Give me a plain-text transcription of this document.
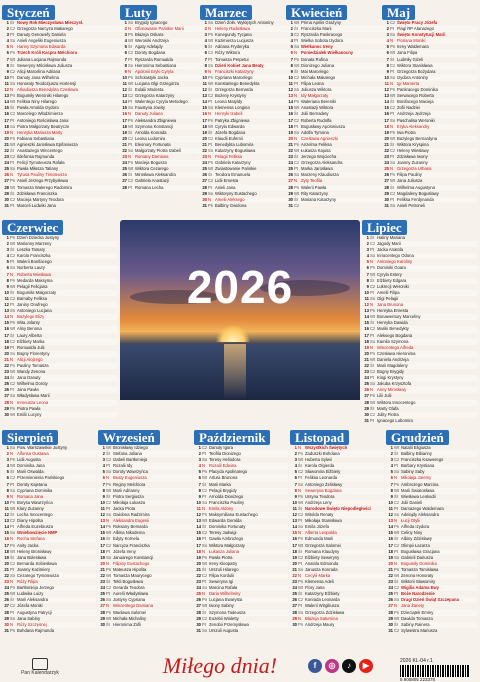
Styczeń
1 Śr Nowy Rok Mieczysława Mieczysł.
2 Cz Grzegorza Narcyza Makarego
3 Pt Danuty Genowefy Daniela
4 So Anieli Angeliki Eugeniusza
5 N Hanny Szymona Edwarda
6 Pn Trzech Króli Kacpra Melchiora
7 Wt Juliana Lucjana Rajmunda
8 Śr Seweryny Mścisława Juliusza
9 Cz Alicji Marcelina Adriana
10 Pt Danuty Jana Wilhelma
11 So Honoraty Teodozjusza Hortensji
12 N Arkadiusza Benedykta Czesława
13 Pn Bogumiły Weroniki Hilarego
14 Wt Feliksa Niny Hilarego
15 Śr Pawła Arnolda Izydora
16 Cz Marcelego Włodzimierza
17 Pt Antoniego Rościsława Jana
18 So Piotra Małgorzaty Beatrycze
19 N Henryka Mariusza Marty
20 Pn Fabiana Sebastiana
21 Wt Agnieszki Jarosława Epifaniusza
22 Śr Anastazego Wincentego
23 Cz Ildefonsa Rajmunda
24 Pt Felicji Tymoteusza Rafała
25 So Pawła Miłosza Tatiany
26 N Tytusa Pauliny Timoteusza
27 Pn Anieli Jerzego Przybysława
28 Wt Tomasza Walerego Radomira
29 Śr Zdzisława Franciszka
30 Cz Macieja Martyny Teodora
31 Pt Marceli Ludwiki Jana
Luty
1 So Brygidy Ignacego
2 N Ofiarowanie Pańskie Marii
3 Pn Błażeja Oskara
4 Wt Weroniki Andrzeja
5 Śr Agaty Adelajdy
6 Cz Doroty Bogdana
7 Pt Ryszarda Romualda
8 So Hieronima Sebastiana
9 N Apolonii Eryki Cyryla
10 Pn Scholastyki Jacka
11 Wt Lucjana Olgi Grzegorza
12 Śr Eulalii Modesta
13 Cz Grzegorza Katarzyny
14 Pt Walentego Cyryla Metodego
15 So Faustyna Jowity
16 N Danuty Juliana
17 Pn Aleksandra Zbigniewa
18 Wt Szymona Konstancji
19 Śr Arnolda Konrada
20 Cz Leona Ludomira
21 Pt Eleonory Fortunata
22 So Małgorzaty Piotra Izabeli
23 N Romany Damiana
24 Pn Macieja Bogusza
25 Wt Wiktora Cezarego
26 Śr Mirosława Aleksandra
27 Cz Gabriela Anastazji
28 Pt Romana Lecha
Marzec
1 So Dzień Żołn. Wyklętych Antoniny
2 N Heleny Radosława
3 Pn Kunegundy Tycjana
4 Wt Kazimierza Lucjusza
5 Śr Adriana Fryderyka
6 Cz Róży Wiktora
7 Pt Tomasza Perpetui
8 So Dzień Kobiet Jana Beaty
9 N Franciszki Katarzyny
10 Pn Cypriana Marcelego
11 Wt Konstantego Benedykta
12 Śr Grzegorza Bernarda
13 Cz Bożeny Krystyny
14 Pt Leona Matyldy
15 So Klemensa Longina
16 N Henryki Izabeli
17 Pn Patryka Zbigniewa
18 Wt Cyryla Edwarda
19 Śr Józefa Bogdana
20 Cz Klaudii Eufemii
21 Pt Benedykta Lubomira
22 So Katarzyny Bogusława
23 N Pelagii Feliksa
24 Pn Gabriela Katarzyny
25 Wt Zwiastowanie Pańskie
26 Śr Teodora Emanuela
27 Cz Lidii Ernesta
28 Pt Anieli Jana
29 So Wiktoryny Eustachego
30 N Amelii Aleksego
31 Pn Balbiny Gwidona
Kwiecień
1 Wt Prima Aprilis Grażyny
2 Śr Franciszka Marii
3 Cz Ryszarda Pankracego
4 Pt Wielka Sobota Izydora
5 So Wielkanoc Ireny
6 N Poniedziałek Wielkanocny
7 Pn Donata Rufina
8 Wt Dionizego Juliana
9 Śr Mai Marcelego
10 Cz Michała Makarego
11 Pt Filipa Leona
12 So Juliusza Wiktora
13 N Idy Małgorzaty
14 Pn Waleriana Bereniki
15 Wt Anastazji Wiktora
16 Śr Julii Bernadety
17 Cz Roberta Rudolfa
18 Pt Bogusławy Apoloniusza
19 So Adolfa Tymona
20 N Czesława Agnieszki
21 Pn Anzelma Feliksa
22 Wt Łukasza Kajusa
23 Śr Jerzego Wojciecha
24 Cz Grzegorza Aleksandra
25 Pt Marka Jarosława
26 So Marzeny Klaudiusza
27 N Zyty Teofila
28 Pn Walerii Pawła
29 Wt Rity Katarzyny
30 Śr Mariana Katarzyny
31 Cz
Maj
1 Cz Święto Pracy Józefa
2 Pt Flagi RP Atanazego
3 So Święto Konstytucji Marii
4 N Floriana Moniki
5 Pn Ireny Waldemara
6 Wt Jana Filipa
7 Śr Ludmiły Gizeli
8 Cz Wiktora Stanisława
9 Pt Grzegorza Bożydara
10 So Izydora Antoniny
11 N Igi Mamerta
12 Pn Pankracego Dominika
13 Wt Serwacego Roberta
14 Śr Bonifacego Macieja
15 Cz Zofii Nadziei
16 Pt Andrzeja Jędrzeja
17 So Paschalisa Weroniki
18 N Eryka Aleksandry
19 Pn Iwa Piotra
20 Wt Bazylego Bernardyna
21 Śr Wiktora Kryspina
22 Cz Heleny Wiesławy
23 Pt Zdzisława Iwony
24 So Joanny Zuzanny
25 N Grzegorza Urbana
26 Pn Filipa Pauliny
27 Wt Jana Juliusza
28 Śr Wilhelma Augustyna
29 Cz Magdaleny Bogusławy
30 Pt Feliksa Ferdynanda
31 So Anieli Petroneli
Czerwiec
1 Pn Dzień Dziecka Justyny
2 Wt Marianny Marzeny
3 Śr Leszka Tamary
4 Cz Karola Franciszka
5 Pt Walerii Bonifacego
6 So Norberta Laury
7 N Roberta Wiesława
8 Pn Medarda Maksyma
9 Wt Pelagii Felicjana
10 Śr Bogumiła Małgorzaty
11 Cz Barnaby Feliksa
12 Pt Janiny Onufrego
13 So Antoniego Lucjana
14 N Bazylego Elizy
15 Pn Wita Jolanty
16 Wt Aliny Benona
17 Śr Laury Alberta
18 Cz Elżbiety Marka
19 Pt Romualda Julii
20 So Bogny Florentyny
21 N Alicji Alojzego
22 Pn Pauliny Tomasza
23 Wt Wandy Zenona
24 Śr Jana Danuty
25 Cz Wilhelma Doroty
26 Pt Jana Pawła
27 So Władysława Marii
28 N Ireneusza Leona
29 Pn Piotra Pawła
30 Wt Emilii Lucyny
2026
Lipiec
1 Śr Haliny Mariana
2 Cz Jagody Marii
3 Pt Jacka Anatola
4 So Innocentego Odona
5 N Antoniego Karoliny
6 Pn Dominiki Goara
7 Wt Cyryla Estery
8 Śr Elżbiety Edgara
9 Cz Lukrecji Weroniki
10 Pt Amelii Filipa
11 So Olgi Pelagii
12 N Jana Brunona
13 Pn Henryka Ernesta
14 Wt Bonawentury Marceliny
15 Śr Henryka Dawida
16 Cz Mariki Benedykty
17 Pt Aleksego Bogdana
18 So Kamila Szymona
19 N Wincentego Alfreda
20 Pn Czesława Hieronima
21 Wt Daniela Andrzeja
22 Śr Marii Magdaleny
23 Cz Bogny Brygidy
24 Pt Kingi Krystyny
25 So Jakuba Krzysztofa
26 N Anny Mirosławy
27 Pn Lilii Julii
28 Wt Wiktora Innocentego
29 Śr Marty Olafa
30 Cz Julity Piotra
31 Pt Ignacego Lubomira
Sierpień
1 So Pow. Warszawskie Justyny
2 N Alfonsa Gustawa
3 Pn Lidii Augusta
4 Wt Dominika Jana
5 Śr Marii Oswalda
6 Cz Przemienienia Pańskiego
7 Pt Doroty Kajetana
8 So Cypriana Dominika
9 N Romana Jana
10 Pn Borysa Wawrzyńca
11 Wt Klary Zuzanny
12 Śr Lecha Innocentego
13 Cz Diany Hipolita
14 Pt Alfreda Euzebiusza
15 So Wniebowzięcie NMP
16 N Rocha Stefana
17 Pn Anity Jacka
18 Wt Heleny Bronisławy
19 Śr Jana Bolesława
20 Cz Bernarda Sobiesława
21 Pt Joanny Kazimiery
22 So Cezarego Tymoteusza
23 N Róży Filipa
24 Pn Bartłomieja Jerzego
25 Wt Ludwika Luizy
26 Śr Marii Aleksandra
27 Cz Józefa Moniki
28 Pt Augustyna Patrycji
29 So Jana Sabiny
30 N Róży Szczęsnej
31 Pn Bohdana Rajmunda
Wrzesień
1 Wt Bronisławy Idziego
2 Śr Stefana Juliana
3 Cz Izabeli Bartłomieja
4 Pt Rozalii Idy
5 So Doroty Wawrzyńca
6 N Beaty Eugeniusza
7 Pn Reginy Melchiora
8 Wt Marii Adrianny
9 Śr Piotra Sergiusza
10 Cz Mikołaja Łukasza
11 Pt Jacka Prota
12 So Gwidona Radzimira
13 N Aleksandra Eugenii
14 Pn Roksany Bernarda
15 Wt Albina Nikodema
16 Śr Edyty Kornela
17 Cz Narcyza Franciszka
18 Pt Józefa Ireny
19 So Januarego Konstancji
20 N Filipiny Eustachego
21 Pn Mateusza Hipolita
22 Wt Tomasza Maurycego
23 Śr Tekli Bogusława
24 Cz Gerarda Teodora
25 Pt Aurelii Władysława
26 So Justyny Cypriana
27 N Wincentego Damiana
28 Pn Wacława Salomei
29 Wt Michała Michaliny
30 Śr Hieronima Zofii
Październik
1 Cz Danuty Igora
2 Pt Teofila Dionizego
3 So Teresy Heliodora
4 N Rozalii Edwina
5 Pn Placyda Apolinarego
6 Wt Artura Brunona
7 Śr Marii Marka
8 Cz Pelagii Brygidy
9 Pt Arnolda Dionizego
10 So Franciszka Pauliny
11 N Emila Aldony
12 Pn Maksymiliana Eustachego
13 Wt Edwarda Geralda
14 Śr Dominika Fortunaty
15 Cz Teresy Jadwigi
16 Pt Gawła Ambrożego
17 So Wiktora Małgorzaty
18 N Łukasza Juliana
19 Pn Pawła Piotra
20 Wt Ireny Kleopatry
21 Śr Urszuli Hilarego
22 Cz Filipa Kordulii
23 Pt Seweryna Igi
24 So Marcina Rafała
25 N Daria Wilhelminy
26 Pn Lucjana Ewarysta
27 Wt Iwony Sabiny
28 Śr Szymona Tadeusza
29 Cz Euzebii Wioletty
30 Pt Zenobii Przemysława
31 So Urszuli Augusta
Listopad
1 N Wszystkich Świętych
2 Pn Zaduszki Bohdana
3 Wt Huberta Sylwii
4 Śr Karola Olgierda
5 Cz Sławomira Elżbiety
6 Pt Feliksa Leonarda
7 So Antoniego Żelisławy
8 N Seweryna Bogdana
9 Pn Ursyna Teodora
10 Wt Andrzeja Leny
11 Śr Narodowe Święto Niepodległości
12 Cz Witolda Renaty
13 Pt Mikołaja Stanisława
14 So Emila Józefa
15 N Alberta Leopolda
16 Pn Edmunda Marii
17 Wt Grzegorza Salomei
18 Śr Romana Klaudyny
19 Cz Elżbiety Seweryny
20 Pt Anatola Edmunda
21 So Janusza Konrada
22 N Cecylii Marka
23 Pn Klemensa Adeli
24 Wt Flory Jana
25 Śr Katarzyny Elżbiety
26 Cz Konrada Leonarda
27 Pt Walerii Wirgiliusza
28 So Grzegorza Zdzisława
29 N Błażeja Saturnina
30 Pn Andrzeja Maury
Grudzień
1 Wt Natalii Eligiusza
2 Śr Balbiny Bibianny
3 Cz Franciszka Ksawerego
4 Pt Barbary Krystiana
5 So Sabiny Saby
6 N Mikołaja Jaremy
7 Pn Ambrożego Marcina
8 Wt Marii Światosława
9 Śr Wiesława Leokadii
10 Cz Julii Danieli
11 Pt Damazego Waldemara
12 So Adelajdy Aleksandra
13 N Łucji Otylii
14 Pn Alfreda Izydora
15 Wt Celiny Niny
16 Śr Albiny Zdzisławy
17 Cz Olimpii Łazarza
18 Pt Bogusława Gracjana
19 So Gabrieli Dariusza
20 N Bogumiły Dominika
21 Pn Tomasza Tomisława
22 Wt Zenona Honoraty
23 Śr Wiktorii Sławomiry
24 Cz Wigilia Adama Ewy
25 Pt Boże Narodzenie
26 So Drugi Dzień Świąt Szczepana
27 N Jana Żanety
28 Pn Dzieciątek Emmy
29 Wt Dawida Tomasza
30 Śr Sabiny Rainera
31 Cz Sylwestra Mariusza
Pan Kalendarzyk	Miłego dnia!	f	◎	♪	▶	2026 KL-04 r.1
5 905805 223378
